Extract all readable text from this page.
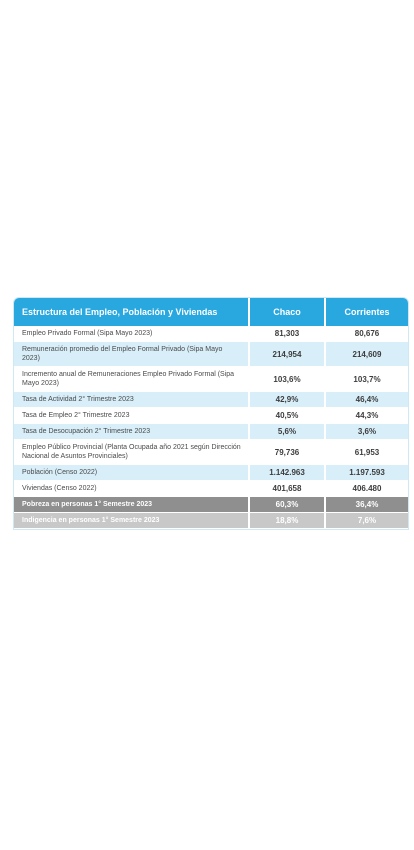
Estructura del Empleo, Población y Viviendas	Chaco	Corrientes
Empleo Privado Formal (Sipa Mayo 2023)	81,303	80,676
Remuneración promedio del Empleo Formal Privado (Sipa Mayo 2023)	214,954	214,609
Incremento anual de Remuneraciones Empleo Privado Formal (Sipa Mayo 2023)	103,6%	103,7%
Tasa de Actividad 2° Trimestre 2023	42,9%	46,4%
Tasa de Empleo 2° Trimestre 2023	40,5%	44,3%
Tasa de Desocupación 2° Trimestre 2023	5,6%	3,6%
Empleo Público Provincial (Planta Ocupada año 2021 según Dirección Nacional de Asuntos Provinciales)	79,736	61,953
Población (Censo 2022)	1.142.963	1.197.593
Viviendas (Censo 2022)	401,658	406.480
Pobreza en personas 1° Semestre 2023	60,3%	36,4%
Indigencia en personas 1° Semestre 2023	18,8%	7,6%
